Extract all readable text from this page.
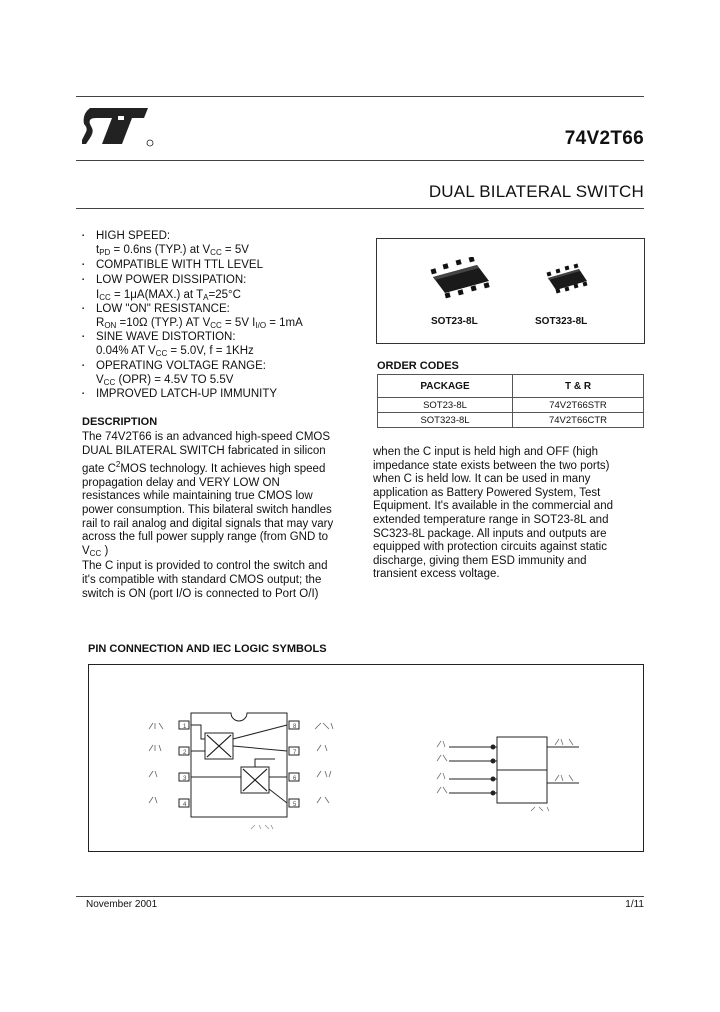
74V2T66
DUAL BILATERAL SWITCH
▪ HIGH SPEED:
$t_{PD} = 0.6ns$ (TYP.) at $V_{CC} = 5V$
▪ COMPATIBLE WITH TTL LEVEL
▪ LOW POWER DISSIPATION:
$I_{CC} = 1\mu A(MAX.)$ at $T_A=25^\circ C$
▪ LOW "ON" RESISTANCE:
$R_{ON} =10\Omega$ (TYP.) AT $V_{CC} = 5V$ $I_{I/O} = 1mA$
▪ SINE WAVE DISTORTION:
0.04% AT $V_{CC} = 5.0V$, f = 1KHz
▪ OPERATING VOLTAGE RANGE:
$V_{CC}$ (OPR) = 4.5V TO 5.5V
▪ IMPROVED LATCH-UP IMMUNITY
DESCRIPTION
The 74V2T66 is an advanced high-speed CMOS
DUAL BILATERAL SWITCH fabricated in silicon
gate $C^2MOS$ technology. It achieves high speed
propagation delay and VERY LOW ON
resistances while maintaining true CMOS low
power consumption. This bilateral switch handles
rail to rail analog and digital signals that may vary
across the full power supply range (from GND to
$V_{CC}$ )
The C input is provided to control the switch and
it's compatible with standard CMOS output; the
switch is ON (port I/O is connected to Port O/I)
when the C input is held high and OFF (high
impedance state exists between the two ports)
when C is held low. It can be used in many
application as Battery Powered System, Test
Equipment. It's available in the commercial and
extended temperature range in SOT23-8L and
SC323-8L package. All inputs and outputs are
equipped with protection circuits against static
discharge, giving them ESD immunity and
transient excess voltage.
SOT23-8L	SOT323-8L
ORDER CODES
PACKAGE	T & R
SOT23-8L	74V2T66STR
SOT323-8L	74V2T66CTR
PIN CONNECTION AND IEC LOGIC SYMBOLS
1
2
3
4
8
7
6
5
November 2001	1/11
